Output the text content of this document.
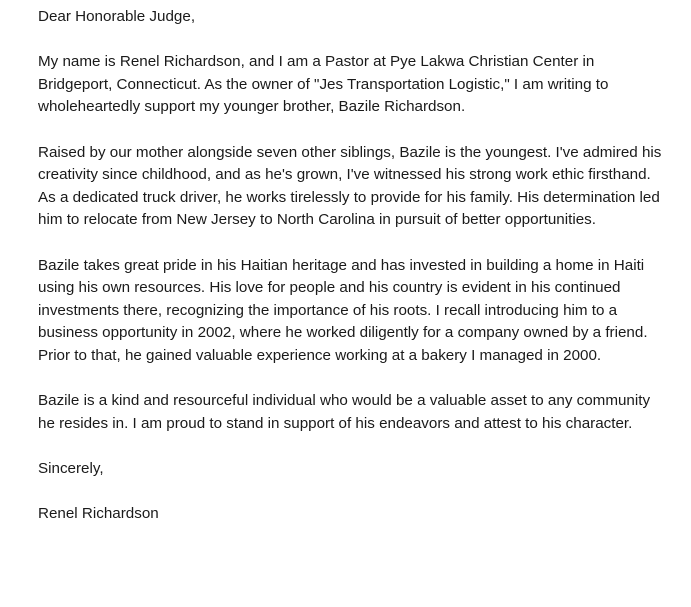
Dear Honorable Judge,

My name is Renel Richardson, and I am a Pastor at Pye Lakwa Christian Center in Bridgeport, Connecticut. As the owner of "Jes Transportation Logistic," I am writing to wholeheartedly support my younger brother, Bazile Richardson.

Raised by our mother alongside seven other siblings, Bazile is the youngest. I've admired his creativity since childhood, and as he's grown, I've witnessed his strong work ethic firsthand. As a dedicated truck driver, he works tirelessly to provide for his family. His determination led him to relocate from New Jersey to North Carolina in pursuit of better opportunities.

Bazile takes great pride in his Haitian heritage and has invested in building a home in Haiti using his own resources. His love for people and his country is evident in his continued investments there, recognizing the importance of his roots. I recall introducing him to a business opportunity in 2002, where he worked diligently for a company owned by a friend. Prior to that, he gained valuable experience working at a bakery I managed in 2000.

Bazile is a kind and resourceful individual who would be a valuable asset to any community he resides in. I am proud to stand in support of his endeavors and attest to his character.

Sincerely,

Renel Richardson
